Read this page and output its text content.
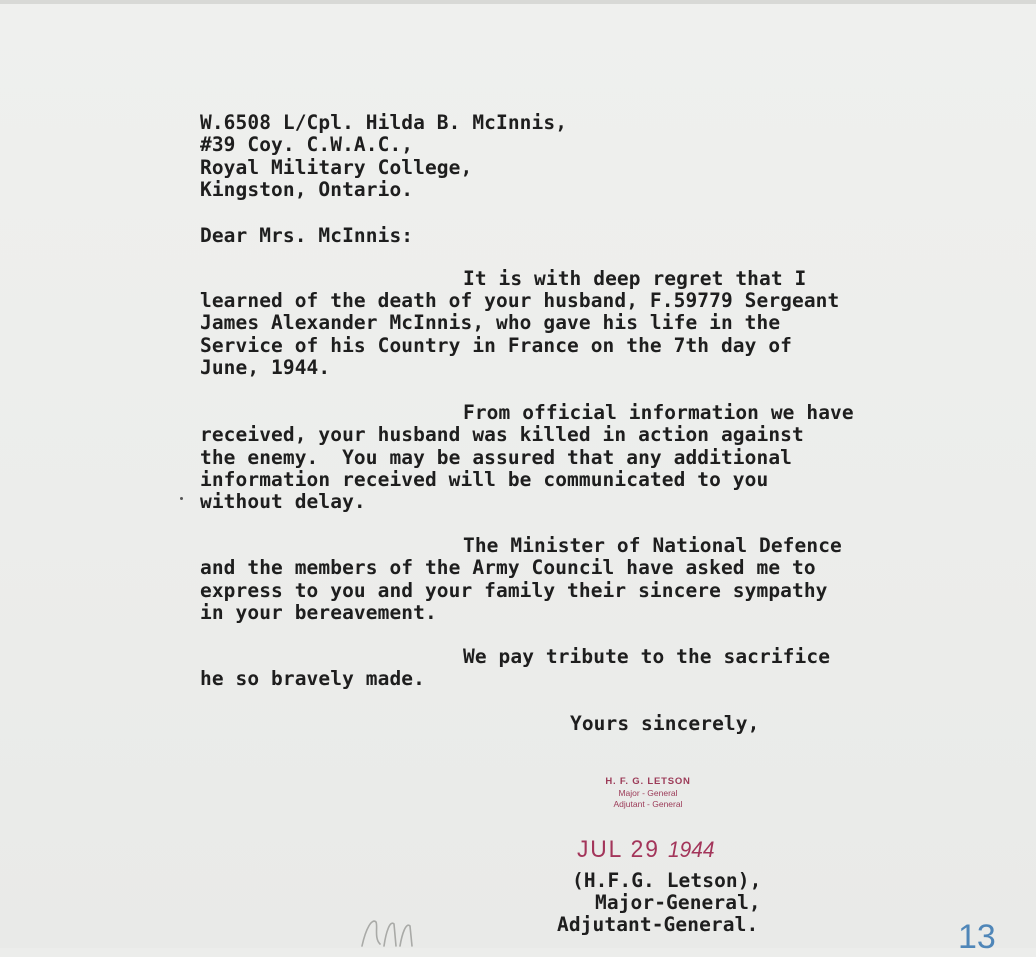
W.6508 L/Cpl. Hilda B. McInnis,

#39 Coy. C.W.A.C.,

Royal Military College,

Kingston, Ontario.

Dear Mrs. McInnis:

It is with deep regret that I

learned of the death of your husband, F.59779 Sergeant

James Alexander McInnis, who gave his life in the

Service of his Country in France on the 7th day of

June, 1944.

From official information we have

received, your husband was killed in action against

the enemy.  You may be assured that any additional

information received will be communicated to you

without delay.

The Minister of National Defence

and the members of the Army Council have asked me to

express to you and your family their sincere sympathy

in your bereavement.

We pay tribute to the sacrifice

he so bravely made.

Yours sincerely,

H. F. G. LETSON
Major - General
Adjutant - General
JUL 29 1944

(H.F.G. Letson),

Major-General,

Adjutant-General.	13
